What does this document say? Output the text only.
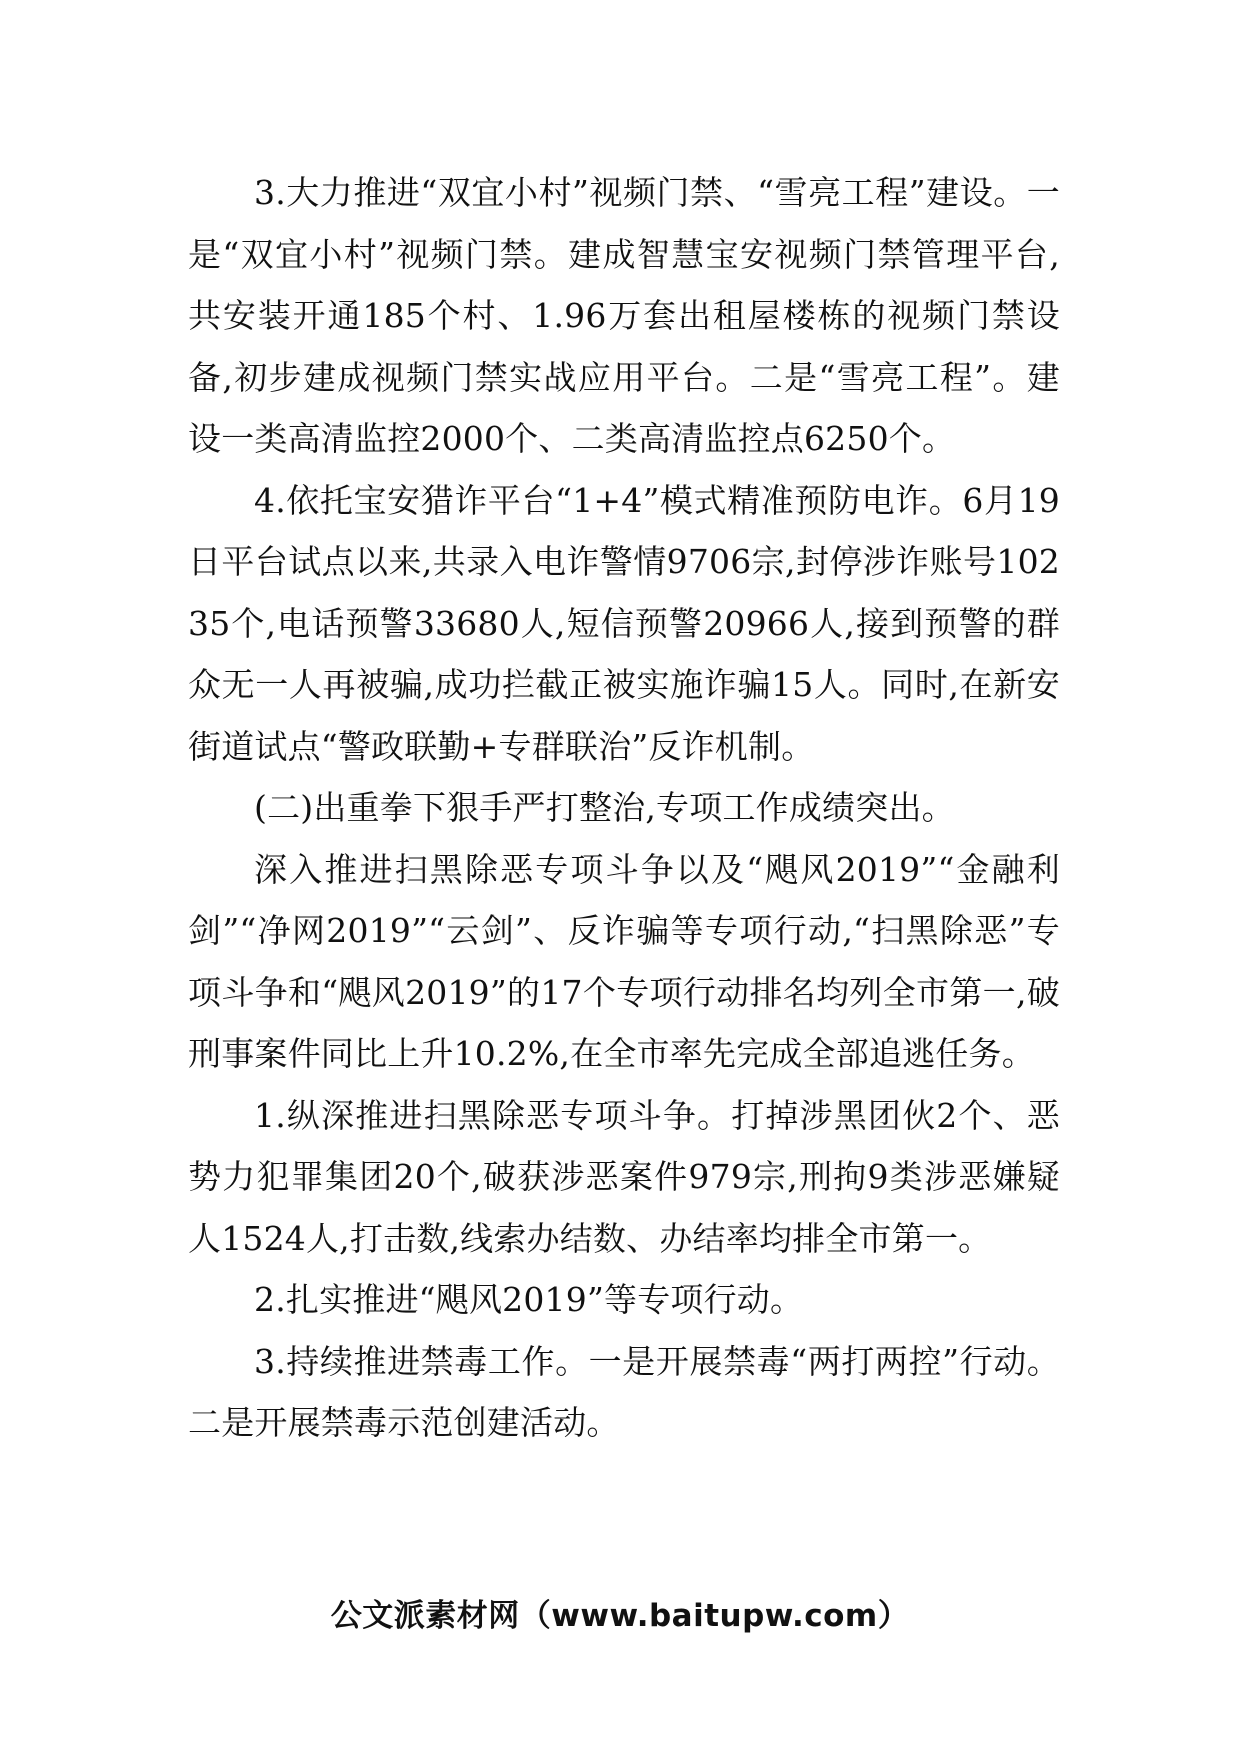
3.大力推进“双宜小村”视频门禁、“雪亮工程”建设。一是“双宜小村”视频门禁。建成智慧宝安视频门禁管理平台,共安装开通185个村、1.96万套出租屋楼栋的视频门禁设备,初步建成视频门禁实战应用平台。二是“雪亮工程”。建设一类高清监控2000个、二类高清监控点6250个。

4.依托宝安猎诈平台“1+4”模式精准预防电诈。6月19日平台试点以来,共录入电诈警情9706宗,封停涉诈账号10235个,电话预警33680人,短信预警20966人,接到预警的群众无一人再被骗,成功拦截正被实施诈骗15人。同时,在新安街道试点“警政联勤+专群联治”反诈机制。

(二)出重拳下狠手严打整治,专项工作成绩突出。

深入推进扫黑除恶专项斗争以及“飓风2019”“金融利剑”“净网2019”“云剑”、反诈骗等专项行动,“扫黑除恶”专项斗争和“飓风2019”的17个专项行动排名均列全市第一,破刑事案件同比上升10.2%,在全市率先完成全部追逃任务。

1.纵深推进扫黑除恶专项斗争。打掉涉黑团伙2个、恶势力犯罪集团20个,破获涉恶案件979宗,刑拘9类涉恶嫌疑人1524人,打击数,线索办结数、办结率均排全市第一。

2.扎实推进“飓风2019”等专项行动。

3.持续推进禁毒工作。一是开展禁毒“两打两控”行动。二是开展禁毒示范创建活动。

公文派素材网（www.baitupw.com）
